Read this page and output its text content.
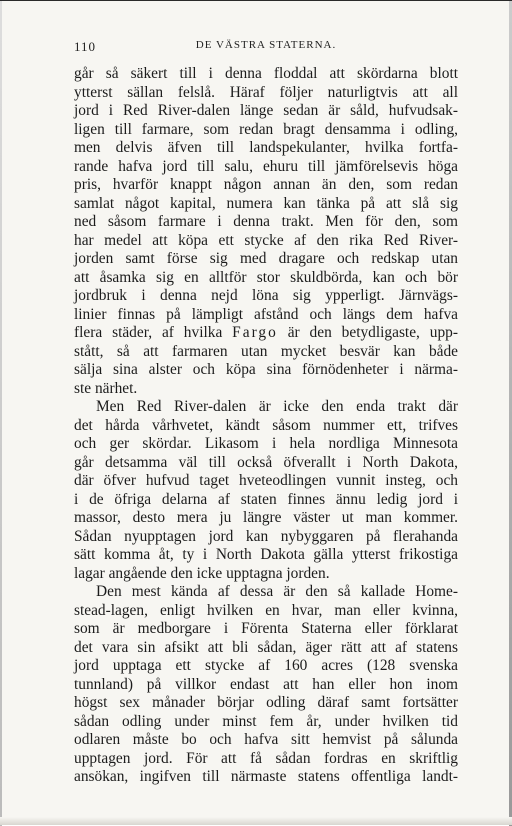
110	DE VÄSTRA STATERNA.
går så säkert till i denna floddal att skördarna blott
ytterst sällan felslå. Häraf följer naturligtvis att all
jord i Red River-dalen länge sedan är såld, hufvudsak-
ligen till farmare, som redan bragt densamma i odling,
men delvis äfven till landspekulanter, hvilka fortfa-
rande hafva jord till salu, ehuru till jämförelsevis höga
pris, hvarför knappt någon annan än den, som redan
samlat något kapital, numera kan tänka på att slå sig
ned såsom farmare i denna trakt. Men för den, som
har medel att köpa ett stycke af den rika Red River-
jorden samt förse sig med dragare och redskap utan
att åsamka sig en alltför stor skuldbörda, kan och bör
jordbruk i denna nejd löna sig ypperligt. Järnvägs-
linier finnas på lämpligt afstånd och längs dem hafva
flera städer, af hvilka Fargo är den betydligaste, upp-
stått, så att farmaren utan mycket besvär kan både
sälja sina alster och köpa sina förnödenheter i närma-
ste närhet.
Men Red River-dalen är icke den enda trakt där
det hårda vårhvetet, kändt såsom nummer ett, trifves
och ger skördar. Likasom i hela nordliga Minnesota
går detsamma väl till också öfverallt i North Dakota,
där öfver hufvud taget hveteodlingen vunnit insteg, och
i de öfriga delarna af staten finnes ännu ledig jord i
massor, desto mera ju längre väster ut man kommer.
Sådan nyupptagen jord kan nybyggaren på flerahanda
sätt komma åt, ty i North Dakota gälla ytterst frikostiga
lagar angående den icke upptagna jorden.
Den mest kända af dessa är den så kallade Home-
stead-lagen, enligt hvilken en hvar, man eller kvinna,
som är medborgare i Förenta Staterna eller förklarat
det vara sin afsikt att bli sådan, äger rätt att af statens
jord upptaga ett stycke af 160 acres (128 svenska
tunnland) på villkor endast att han eller hon inom
högst sex månader börjar odling däraf samt fortsätter
sådan odling under minst fem år, under hvilken tid
odlaren måste bo och hafva sitt hemvist på sålunda
upptagen jord. För att få sådan fordras en skriftlig
ansökan, ingifven till närmaste statens offentliga landt-
